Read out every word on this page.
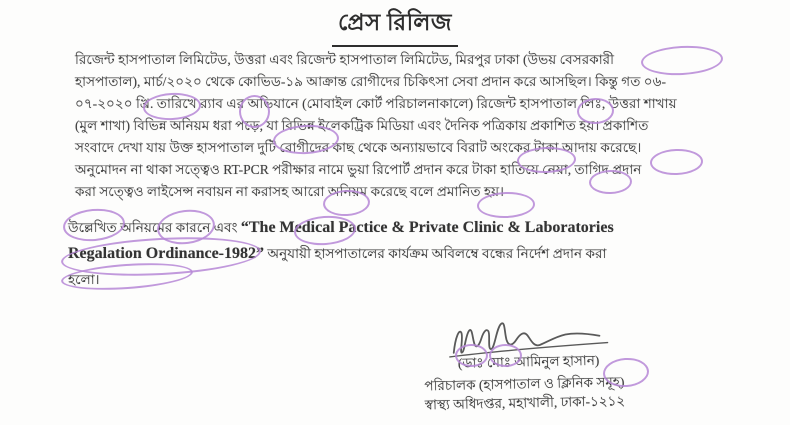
প্রেস রিলিজ
রিজেন্ট হাসপাতাল লিমিটেড, উত্তরা এবং রিজেন্ট হাসপাতাল লিমিটেড, মিরপুর ঢাকা (উভয় বেসরকারী
হাসপাতাল), মার্চ/২০২০ থেকে কোভিড-১৯ আক্রান্ত রোগীদের চিকিৎসা সেবা প্রদান করে আসছিল। কিন্তু গত ০৬-
০৭-২০২০ খ্রি. তারিখে র‍্যাব এর অভিযানে (মোবাইল কোর্ট পরিচালনাকালে) রিজেন্ট হাসপাতাল লিঃ, উত্তরা শাখায়
(মুল শাখা) বিভিন্ন অনিয়ম ধরা পড়ে, যা বিভিন্ন ইলেকট্রিক মিডিয়া এবং দৈনিক পত্রিকায় প্রকাশিত হয়। প্রকাশিত
সংবাদে দেখা যায় উক্ত হাসপাতাল দুটি রোগীদের কাছ থেকে অন্যায়ভাবে বিরাট অংকের টাকা আদায় করেছে।
অনুমোদন না থাকা সত্ত্বেও RT-PCR পরীক্ষার নামে ভুয়া রিপোর্ট প্রদান করে টাকা হাতিয়ে নেয়া, তাগিদ প্রদান
করা সত্ত্বেও লাইসেন্স নবায়ন না করাসহ আরো অনিয়ম করেছে বলে প্রমানিত হয়।
উল্লেখিত অনিয়মের কারনে এবং “The Medical Pactice & Private Clinic & Laboratories
Regalation Ordinance-1982” অনুযায়ী হাসপাতালের কার্যক্রম অবিলম্বে বন্ধের নির্দেশ প্রদান করা
হলো।
(ডাঃ মোঃ আমিনুল হাসান)
পরিচালক (হাসপাতাল ও ক্লিনিক সমূহ)
স্বাস্থ্য অধিদপ্তর, মহাখালী, ঢাকা-১২১২
